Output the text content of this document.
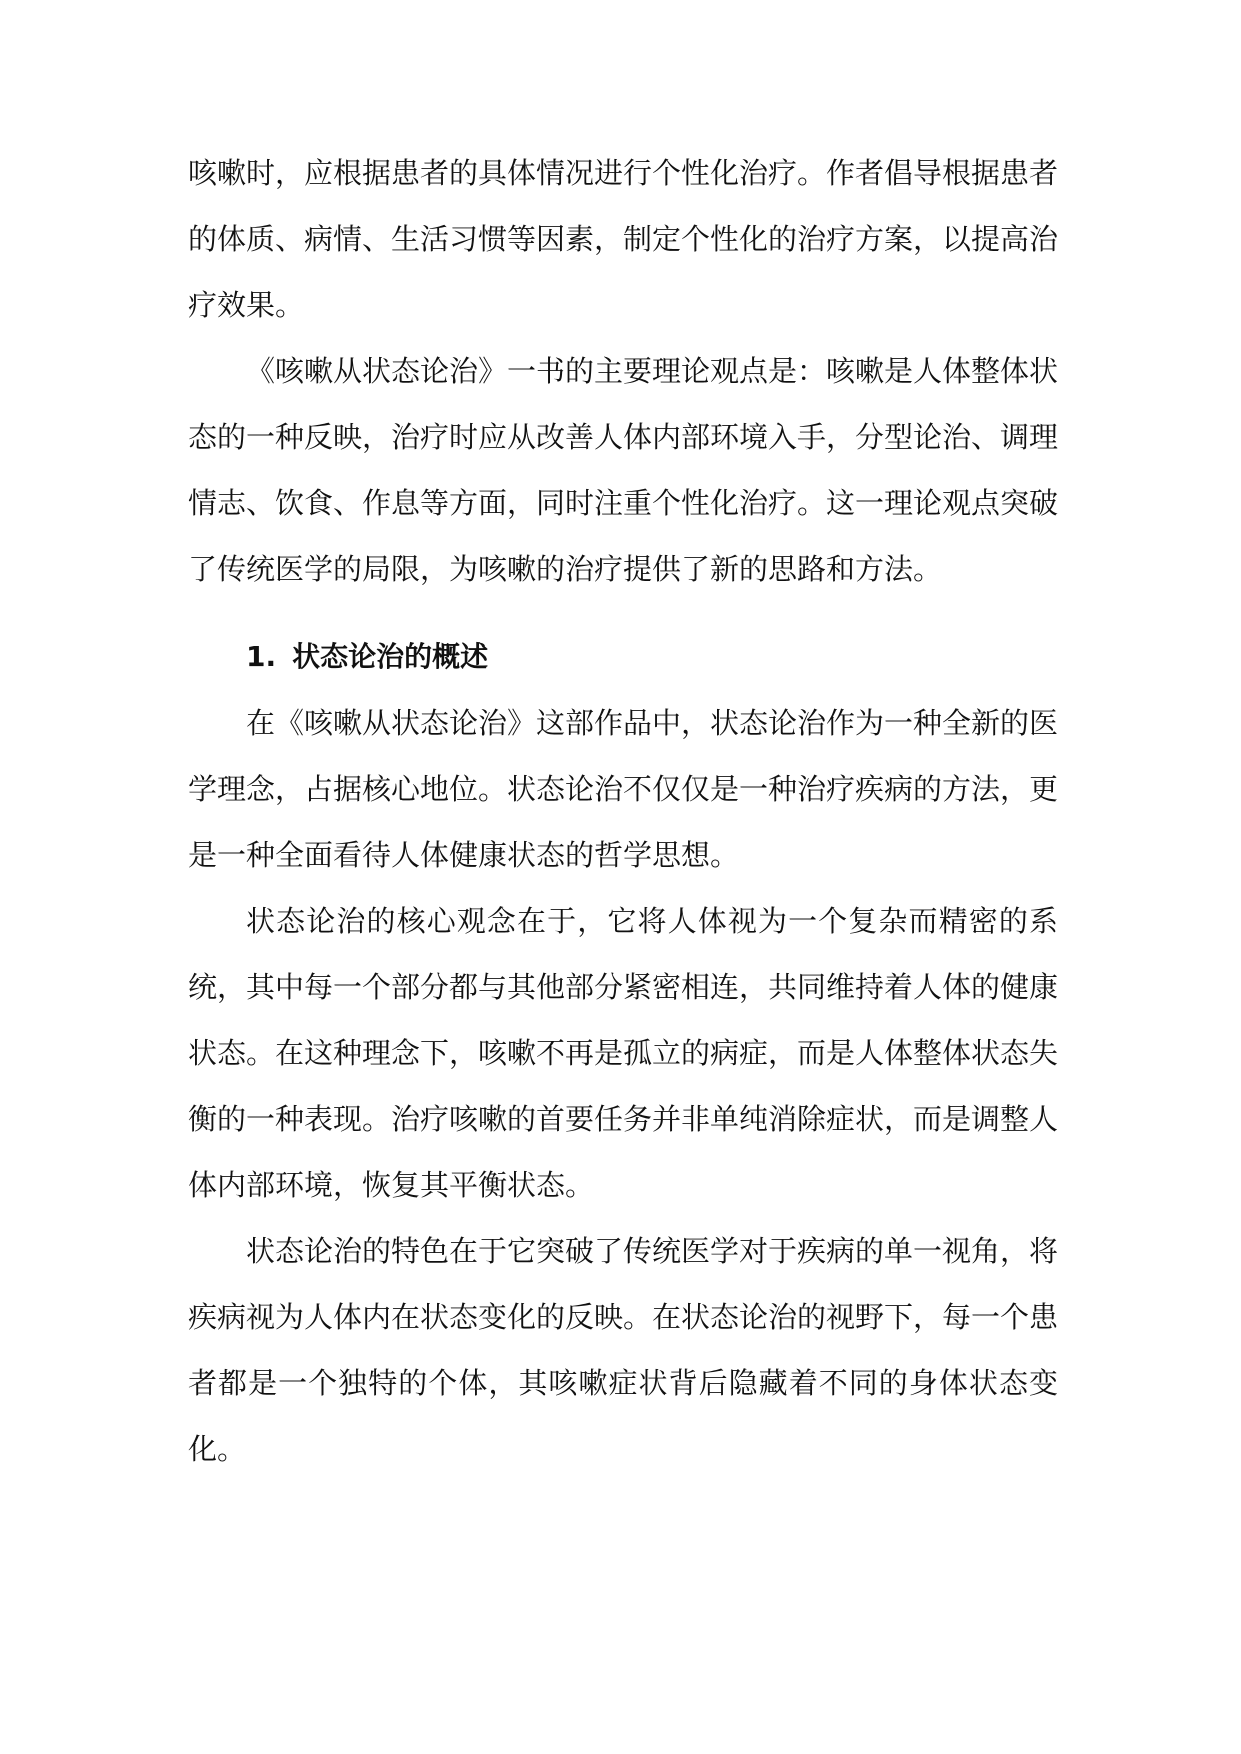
咳嗽时，应根据患者的具体情况进行个性化治疗。作者倡导根据患者的体质、病情、生活习惯等因素，制定个性化的治疗方案，以提高治疗效果。

《咳嗽从状态论治》一书的主要理论观点是：咳嗽是人体整体状态的一种反映，治疗时应从改善人体内部环境入手，分型论治、调理情志、饮食、作息等方面，同时注重个性化治疗。这一理论观点突破了传统医学的局限，为咳嗽的治疗提供了新的思路和方法。

1. 状态论治的概述

在《咳嗽从状态论治》这部作品中，状态论治作为一种全新的医学理念，占据核心地位。状态论治不仅仅是一种治疗疾病的方法，更是一种全面看待人体健康状态的哲学思想。

状态论治的核心观念在于，它将人体视为一个复杂而精密的系统，其中每一个部分都与其他部分紧密相连，共同维持着人体的健康状态。在这种理念下，咳嗽不再是孤立的病症，而是人体整体状态失衡的一种表现。治疗咳嗽的首要任务并非单纯消除症状，而是调整人体内部环境，恢复其平衡状态。

状态论治的特色在于它突破了传统医学对于疾病的单一视角，将疾病视为人体内在状态变化的反映。在状态论治的视野下，每一个患者都是一个独特的个体，其咳嗽症状背后隐藏着不同的身体状态变化。
